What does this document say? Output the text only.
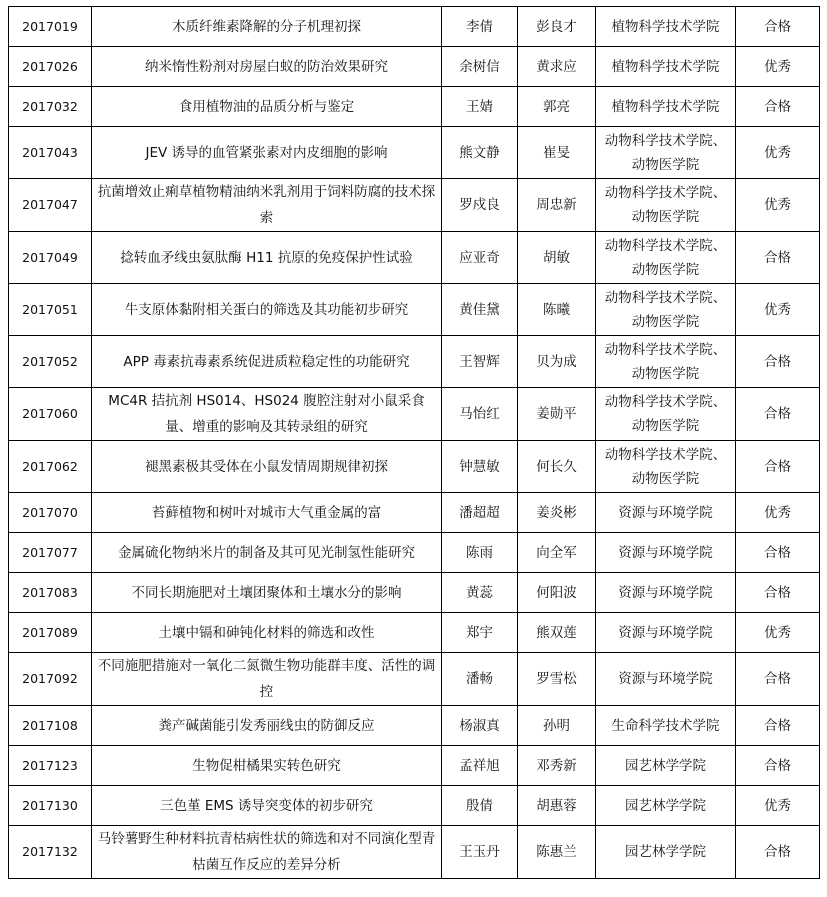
2017019	木质纤维素降解的分子机理初探	李倩	彭良才	植物科学技术学院	合格
2017026	纳米惰性粉剂对房屋白蚁的防治效果研究	余树信	黄求应	植物科学技术学院	优秀
2017032	食用植物油的品质分析与鉴定	王婧	郭亮	植物科学技术学院	合格
2017043	JEV 诱导的血管紧张素对内皮细胞的影响	熊文静	崔旻	动物科学技术学院、动物医学院	优秀
2017047	抗菌增效止痢草植物精油纳米乳剂用于饲料防腐的技术探索	罗戍良	周忠新	动物科学技术学院、动物医学院	优秀
2017049	捻转血矛线虫氨肽酶 H11 抗原的免疫保护性试验	应亚奇	胡敏	动物科学技术学院、动物医学院	合格
2017051	牛支原体黏附相关蛋白的筛选及其功能初步研究	黄佳黛	陈曦	动物科学技术学院、动物医学院	优秀
2017052	APP 毒素抗毒素系统促进质粒稳定性的功能研究	王智辉	贝为成	动物科学技术学院、动物医学院	合格
2017060	MC4R 拮抗剂 HS014、HS024 腹腔注射对小鼠采食量、增重的影响及其转录组的研究	马怡红	姜勋平	动物科学技术学院、动物医学院	合格
2017062	褪黑素极其受体在小鼠发情周期规律初探	钟慧敏	何长久	动物科学技术学院、动物医学院	合格
2017070	苔藓植物和树叶对城市大气重金属的富	潘超超	姜炎彬	资源与环境学院	优秀
2017077	金属硫化物纳米片的制备及其可见光制氢性能研究	陈雨	向全军	资源与环境学院	合格
2017083	不同长期施肥对土壤团聚体和土壤水分的影响	黄蕊	何阳波	资源与环境学院	合格
2017089	土壤中镉和砷钝化材料的筛选和改性	郑宇	熊双莲	资源与环境学院	优秀
2017092	不同施肥措施对一氧化二氮微生物功能群丰度、活性的调控	潘畅	罗雪松	资源与环境学院	合格
2017108	粪产碱菌能引发秀丽线虫的防御反应	杨淑真	孙明	生命科学技术学院	合格
2017123	生物促柑橘果实转色研究	孟祥旭	邓秀新	园艺林学学院	合格
2017130	三色堇 EMS 诱导突变体的初步研究	殷倩	胡惠蓉	园艺林学学院	优秀
2017132	马铃薯野生种材料抗青枯病性状的筛选和对不同演化型青枯菌互作反应的差异分析	王玉丹	陈惠兰	园艺林学学院	合格
